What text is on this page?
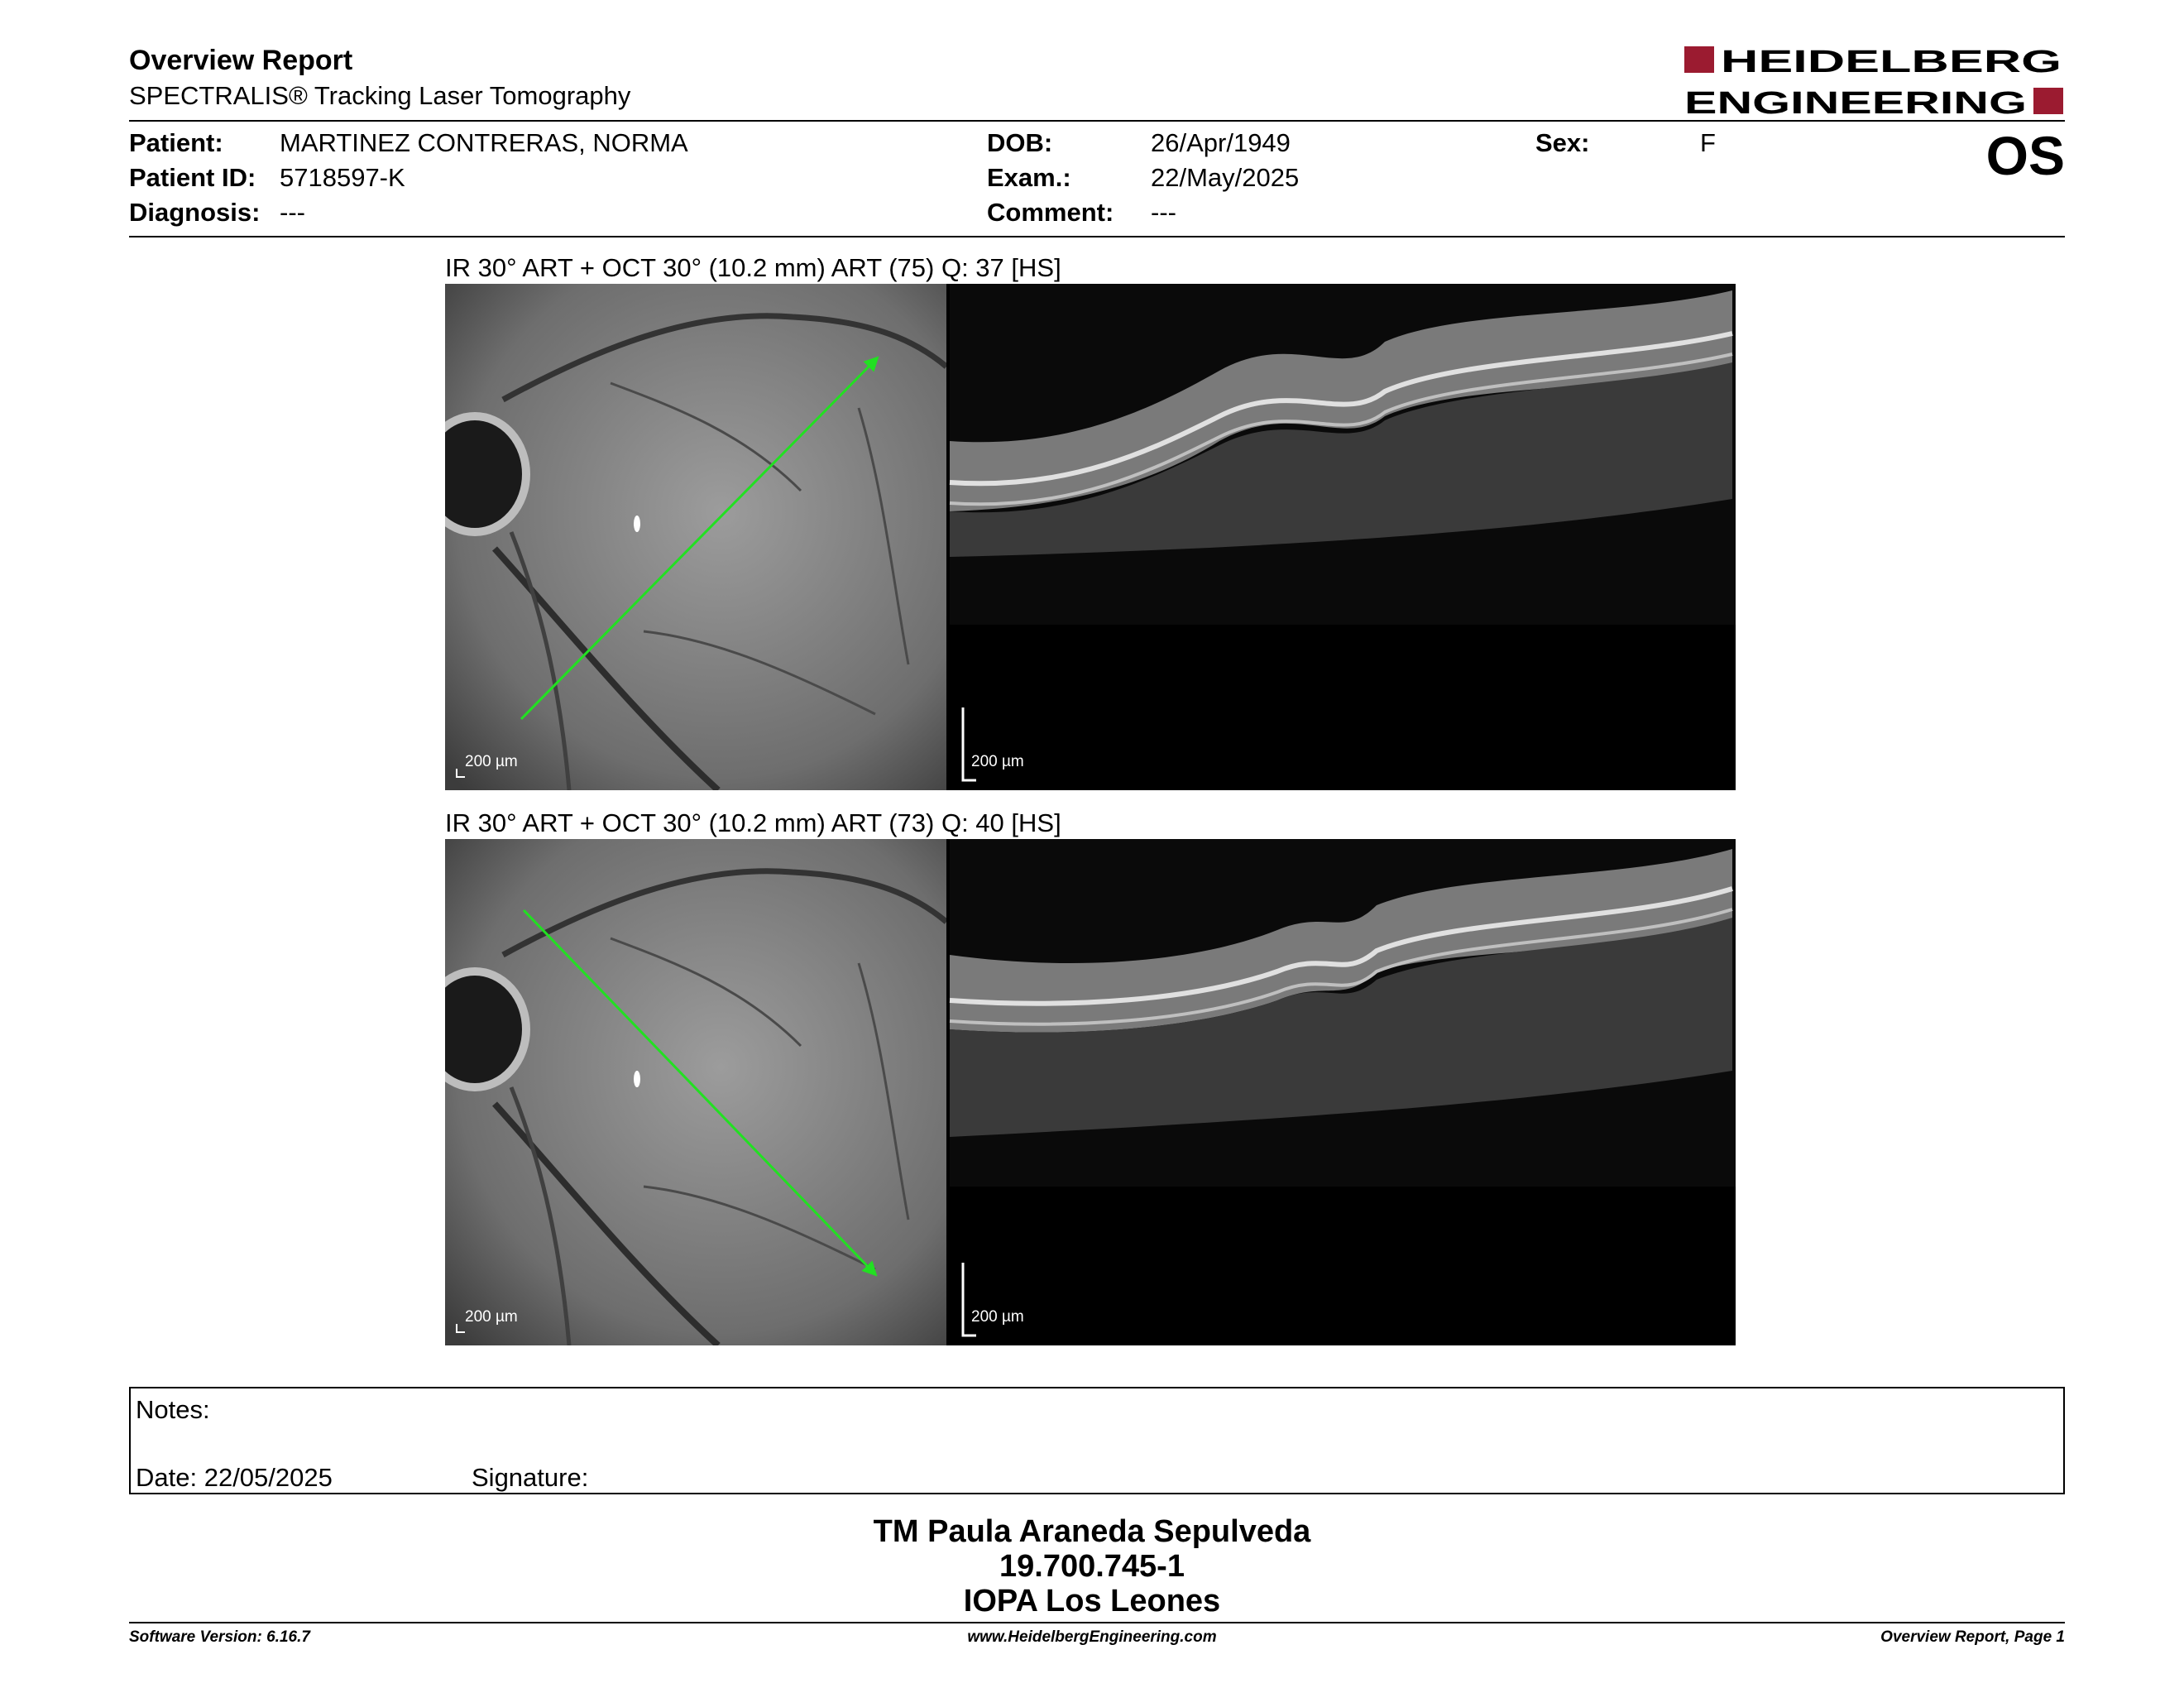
Overview Report
SPECTRALIS® Tracking Laser Tomography
HEIDELBERG
ENGINEERING
Patient: MARTINEZ CONTRERAS, NORMA
Patient ID: 5718597-K
Diagnosis: ---
DOB:	26/Apr/1949
Exam.:	22/May/2025
Comment: ---
Sex:	F	OS
IR 30° ART + OCT 30° (10.2 mm) ART (75) Q: 37 [HS]
200 µm	200 µm
IR 30° ART + OCT 30° (10.2 mm) ART (73) Q: 40 [HS]
200 µm	200 µm
Notes:
Date: 22/05/2025	Signature:
TM Paula Araneda Sepulveda
19.700.745-1
IOPA Los Leones
Software Version: 6.16.7	www.HeidelbergEngineering.com	Overview Report, Page 1
